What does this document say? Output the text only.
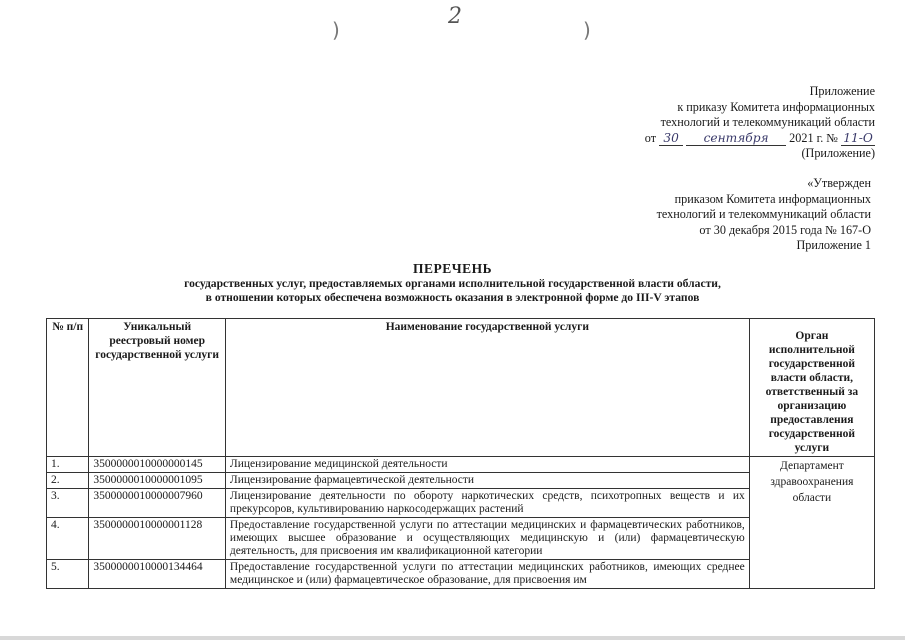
2
)	)
Приложение
к приказу Комитета информационных
технологий и телекоммуникаций области
от 30 сентября 2021 г. № 11-О
(Приложение)
«Утвержден
приказом Комитета информационных
технологий и телекоммуникаций области
от 30 декабря 2015 года № 167-О
Приложение 1
ПЕРЕЧЕНЬ
государственных услуг, предоставляемых органами исполнительной государственной власти области,
в отношении которых обеспечена возможность оказания в электронной форме до III-V этапов
№ п/п	Уникальный реестровый номер государственной услуги	Наименование государственной услуги	Орган исполнительной государственной власти области, ответственный за организацию предоставления государственной услуги
1.	3500000010000000145	Лицензирование медицинской деятельности	Департамент здравоохранения области
2.	3500000010000001095	Лицензирование фармацевтической деятельности	
3.	3500000010000007960	Лицензирование деятельности по обороту наркотических средств, психотропных веществ и их прекурсоров, культивированию наркосодержащих растений	
4.	3500000010000001128	Предоставление государственной услуги по аттестации медицинских и фармацевтических работников, имеющих высшее образование и осуществляющих медицинскую и (или) фармацевтическую деятельность, для присвоения им квалификационной категории	
5.	3500000010000134464	Предоставление государственной услуги по аттестации медицинских работников, имеющих среднее медицинское и (или) фармацевтическое образование, для присвоения им	
